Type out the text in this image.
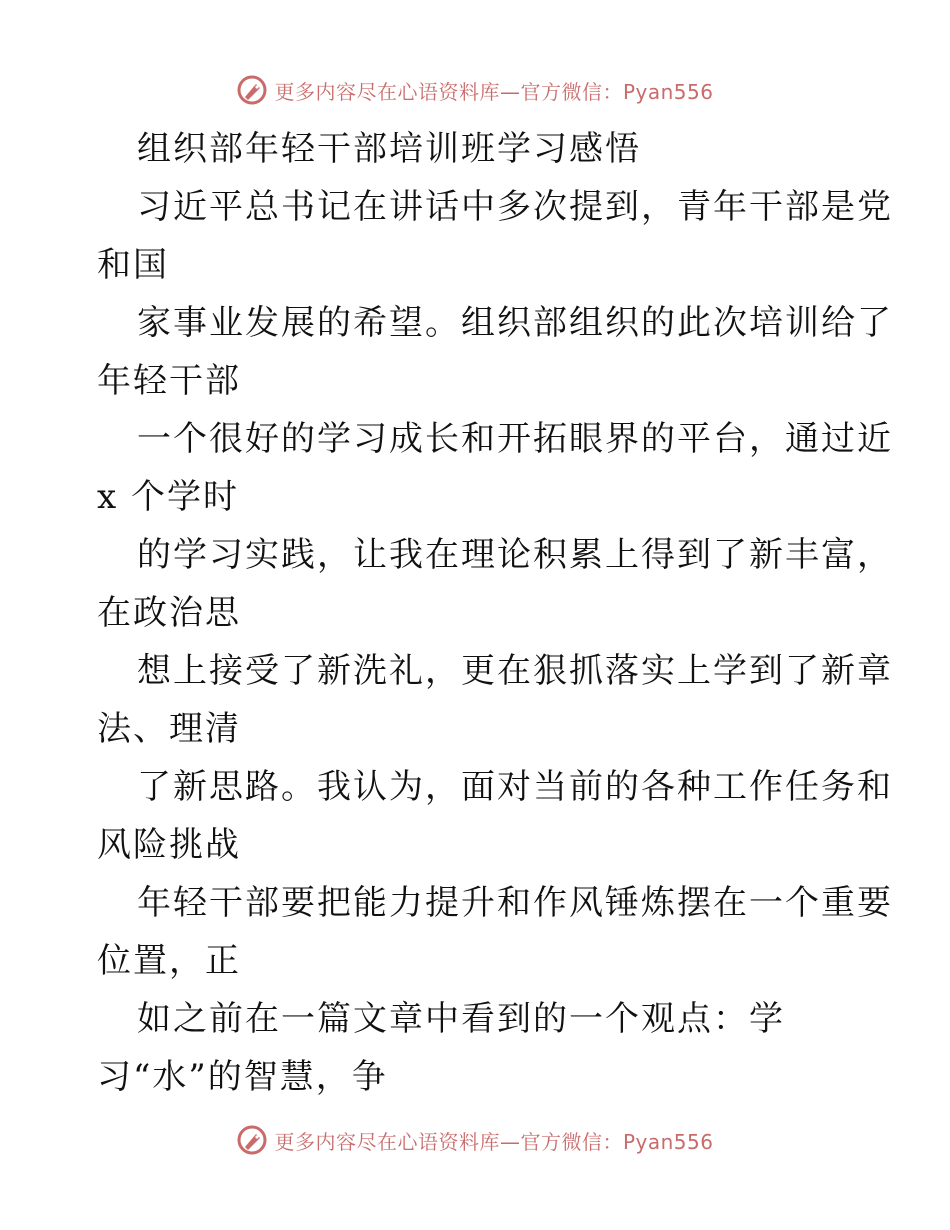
更多内容尽在心语资料库—官方微信：Pyan556
组织部年轻干部培训班学习感悟
习近平总书记在讲话中多次提到，青年干部是党
和国
家事业发展的希望。组织部组织的此次培训给了
年轻干部
一个很好的学习成长和开拓眼界的平台，通过近
x 个学时
的学习实践，让我在理论积累上得到了新丰富，
在政治思
想上接受了新洗礼，更在狠抓落实上学到了新章
法、理清
了新思路。我认为，面对当前的各种工作任务和
风险挑战
年轻干部要把能力提升和作风锤炼摆在一个重要
位置，正
如之前在一篇文章中看到的一个观点：学
习“水”的智慧，争
更多内容尽在心语资料库—官方微信：Pyan556
